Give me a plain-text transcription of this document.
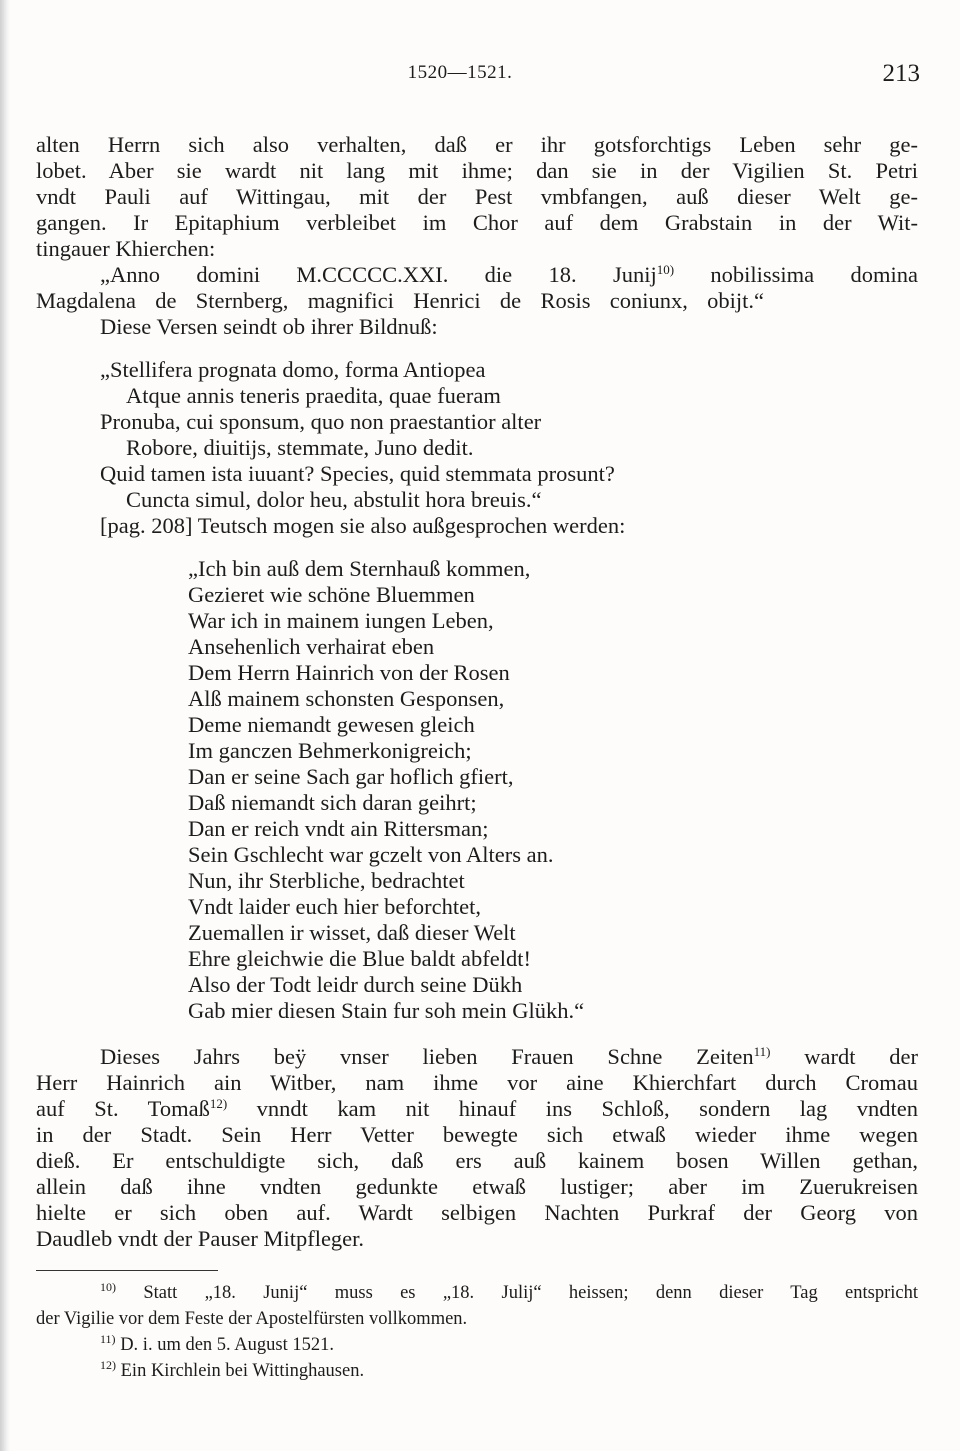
1520—1521.	213
alten Herrn sich also verhalten, daß er ihr gotsforchtigs Leben sehr ge-
lobet. Aber sie wardt nit lang mit ihme; dan sie in der Vigilien St. Petri
vndt Pauli auf Wittingau, mit der Pest vmbfangen, auß dieser Welt ge-
gangen. Ir Epitaphium verbleibet im Chor auf dem Grabstain in der Wit-
tingauer Khierchen:
„Anno domini M.CCCCC.XXI. die 18. Junij$^{10)}$ nobilissima domina
Magdalena de Sternberg, magnifici Henrici de Rosis coniunx, obijt.“
Diese Versen seindt ob ihrer Bildnuß:
„Stellifera prognata domo, forma Antiopea
Atque annis teneris praedita, quae fueram
Pronuba, cui sponsum, quo non praestantior alter
Robore, diuitijs, stemmate, Juno dedit.
Quid tamen ista iuuant? Species, quid stemmata prosunt?
Cuncta simul, dolor heu, abstulit hora breuis.“
[pag. 208] Teutsch mogen sie also außgesprochen werden:
„Ich bin auß dem Sternhauß kommen,
Gezieret wie schöne Bluemmen
War ich in mainem iungen Leben,
Ansehenlich verhairat eben
Dem Herrn Hainrich von der Rosen
Alß mainem schonsten Gesponsen,
Deme niemandt gewesen gleich
Im ganczen Behmerkonigreich;
Dan er seine Sach gar hoflich gfiert,
Daß niemandt sich daran geihrt;
Dan er reich vndt ain Rittersman;
Sein Gschlecht war gczelt von Alters an.
Nun, ihr Sterbliche, bedrachtet
Vndt laider euch hier beforchtet,
Zuemallen ir wisset, daß dieser Welt
Ehre gleichwie die Blue baldt abfeldt!
Also der Todt leidr durch seine Dükh
Gab mier diesen Stain fur soh mein Glükh.“
Dieses Jahrs beÿ vnser lieben Frauen Schne Zeiten$^{11)}$ wardt der
Herr Hainrich ain Witber, nam ihme vor aine Khierchfart durch Cromau
auf St. Tomaß$^{12)}$ vnndt kam nit hinauf ins Schloß, sondern lag vndten
in der Stadt. Sein Herr Vetter bewegte sich etwaß wieder ihme wegen
dieß. Er entschuldigte sich, daß ers auß kainem bosen Willen gethan,
allein daß ihne vndten gedunkte etwaß lustiger; aber im Zuerukreisen
hielte er sich oben auf. Wardt selbigen Nachten Purkraf der Georg von
Daudleb vndt der Pauser Mitpfleger.
$^{10)}$ Statt „18. Junij“ muss es „18. Julij“ heissen; denn dieser Tag entspricht
der Vigilie vor dem Feste der Apostelfürsten vollkommen.
$^{11)}$ D. i. um den 5. August 1521.
$^{12)}$ Ein Kirchlein bei Wittinghausen.
